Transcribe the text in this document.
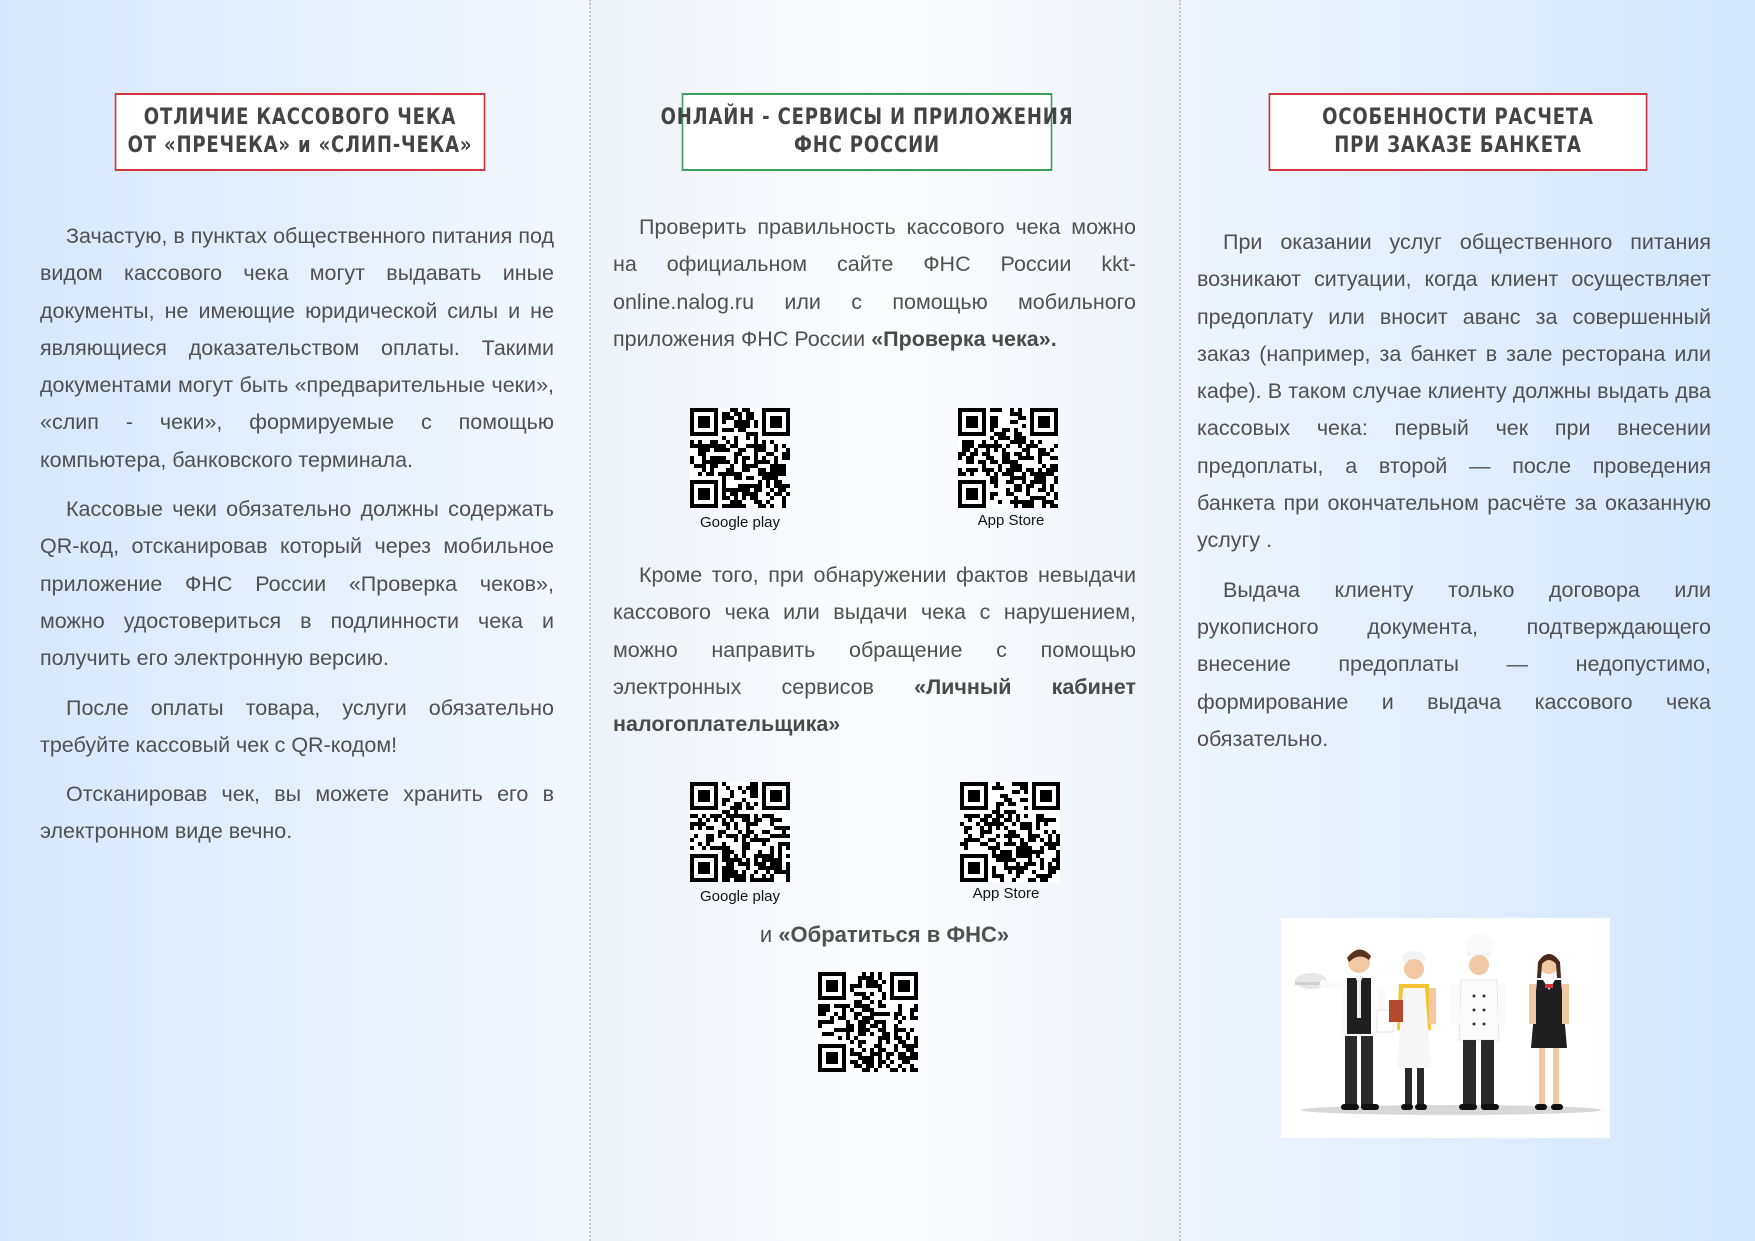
ОТЛИЧИЕ КАССОВОГО ЧЕКА
ОТ «ПРЕЧЕКА» и «СЛИП-ЧЕКА»

Зачастую, в пунктах общественного питания под видом кассового чека могут выдавать иные документы, не имеющие юридической силы и не являющиеся доказательством оплаты. Такими документами могут быть «предварительные чеки», «слип - чеки», формируемые с помощью компьютера, банковского терминала.

Кассовые чеки обязательно должны содержать QR-код, отсканировав который через мобильное приложение ФНС России «Проверка чеков», можно удостовериться в подлинности чека и получить его электронную версию.

После оплаты товара, услуги обязательно требуйте кассовый чек с QR-кодом!

Отсканировав чек, вы можете хранить его в электронном виде вечно.

ОНЛАЙН - СЕРВИСЫ И ПРИЛОЖЕНИЯ
ФНС РОССИИ

Проверить правильность кассового чека можно на официальном сайте ФНС России kkt-online.nalog.ru или с помощью мобильного приложения ФНС России «Проверка чека».

Google play	App Store

Кроме того, при обнаружении фактов невыдачи кассового чека или выдачи чека с нарушением, можно направить обращение с помощью электронных сервисов «Личный кабинет налогоплательщика»

Google play	App Store
и «Обратиться в ФНС»
ОСОБЕННОСТИ РАСЧЕТА
ПРИ ЗАКАЗЕ БАНКЕТА

При оказании услуг общественного питания возникают ситуации, когда клиент осуществляет предоплату или вносит аванс за совершенный заказ (например, за банкет в зале ресторана или кафе). В таком случае клиенту должны выдать два кассовых чека: первый чек при внесении предоплаты, а второй — после проведения банкета при окончательном расчёте за оказанную услугу .

Выдача клиенту только договора или рукописного документа, подтверждающего внесение предоплаты — недопустимо, формирование и выдача кассового чека обязательно.
